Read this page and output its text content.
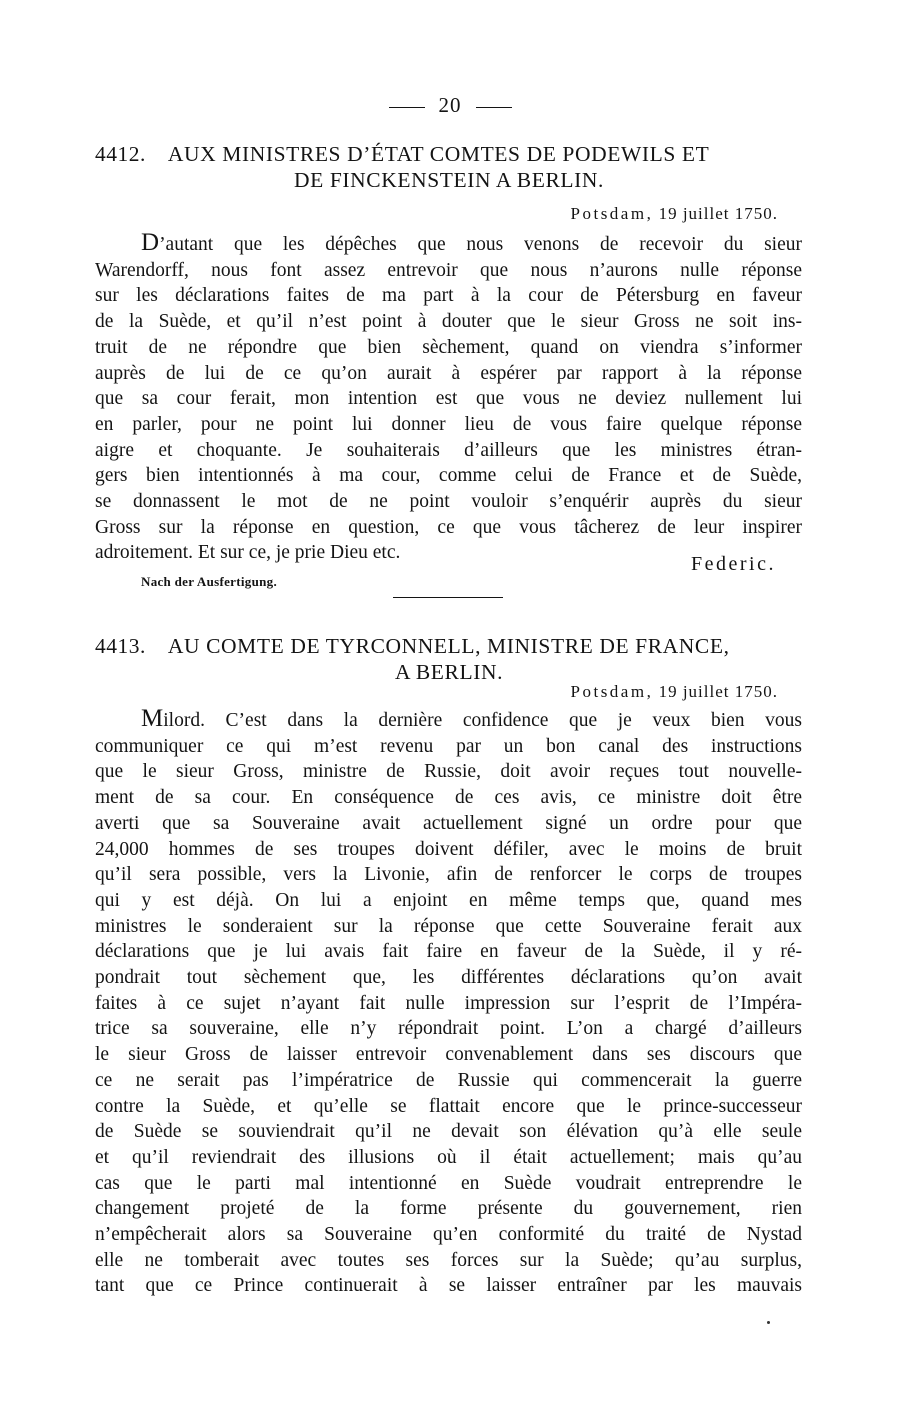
20
4412. AUX MINISTRES D’ÉTAT COMTES DE PODEWILS ET
DE FINCKENSTEIN A BERLIN.
Potsdam, 19 juillet 1750.
D’autant que les dépêches que nous venons de recevoir du sieur
Warendorff, nous font assez entrevoir que nous n’aurons nulle réponse
sur les déclarations faites de ma part à la cour de Pétersburg en faveur
de la Suède, et qu’il n’est point à douter que le sieur Gross ne soit ins-
truit de ne répondre que bien sèchement, quand on viendra s’informer
auprès de lui de ce qu’on aurait à espérer par rapport à la réponse
que sa cour ferait, mon intention est que vous ne deviez nullement lui
en parler, pour ne point lui donner lieu de vous faire quelque réponse
aigre et choquante. Je souhaiterais d’ailleurs que les ministres étran-
gers bien intentionnés à ma cour, comme celui de France et de Suède,
se donnassent le mot de ne point vouloir s’enquérir auprès du sieur
Gross sur la réponse en question, ce que vous tâcherez de leur inspirer
adroitement. Et sur ce, je prie Dieu etc.
Federic.
Nach der Ausfertigung.
4413. AU COMTE DE TYRCONNELL, MINISTRE DE FRANCE,
A BERLIN.
Potsdam, 19 juillet 1750.
Milord. C’est dans la dernière confidence que je veux bien vous
communiquer ce qui m’est revenu par un bon canal des instructions
que le sieur Gross, ministre de Russie, doit avoir reçues tout nouvelle-
ment de sa cour. En conséquence de ces avis, ce ministre doit être
averti que sa Souveraine avait actuellement signé un ordre pour que
24,000 hommes de ses troupes doivent défiler, avec le moins de bruit
qu’il sera possible, vers la Livonie, afin de renforcer le corps de troupes
qui y est déjà. On lui a enjoint en même temps que, quand mes
ministres le sonderaient sur la réponse que cette Souveraine ferait aux
déclarations que je lui avais fait faire en faveur de la Suède, il y ré-
pondrait tout sèchement que, les différentes déclarations qu’on avait
faites à ce sujet n’ayant fait nulle impression sur l’esprit de l’Impéra-
trice sa souveraine, elle n’y répondrait point. L’on a chargé d’ailleurs
le sieur Gross de laisser entrevoir convenablement dans ses discours que
ce ne serait pas l’impératrice de Russie qui commencerait la guerre
contre la Suède, et qu’elle se flattait encore que le prince-successeur
de Suède se souviendrait qu’il ne devait son élévation qu’à elle seule
et qu’il reviendrait des illusions où il était actuellement; mais qu’au
cas que le parti mal intentionné en Suède voudrait entreprendre le
changement projeté de la forme présente du gouvernement, rien
n’empêcherait alors sa Souveraine qu’en conformité du traité de Nystad
elle ne tomberait avec toutes ses forces sur la Suède; qu’au surplus,
tant que ce Prince continuerait à se laisser entraîner par les mauvais
